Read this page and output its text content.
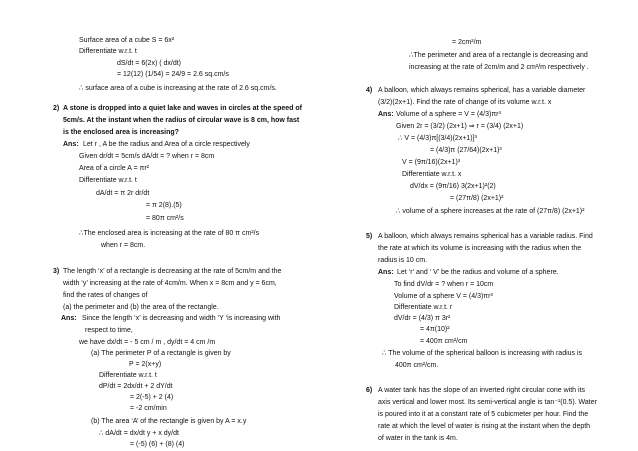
Surface area of a cube S = 6x²
Differentiate w.r.t. t
dS/dt = 6(2x) ( dx/dt)
= 12(12) (1/54) = 24/9 = 2.6 sq.cm/s
∴ surface area of a cube is increasing at the rate of 2.6 sq.cm/s.
2) A stone is dropped into a quiet lake and waves in circles at the speed of
5cm/s. At the instant when the radius of circular wave is 8 cm, how fast
is the enclosed area is increasing?
Ans: Let r , A be the radius and Area of a circle respectively
Given dr/dt = 5cm/s dA/dt = ? when r = 8cm
Area of a circle A = πr²
Differentiate w.r.t. t
dA/dt = π 2r dr/dt
= π 2(8).(5)
= 80π cm²/s
∴The enclosed area is increasing at the rate of 80 π cm²/s
when r = 8cm.
3) The length ‘x’ of a rectangle is decreasing at the rate of 5cm/m and the
width ‘y’ increasing at the rate of 4cm/m. When x = 8cm and y = 6cm,
find the rates of changes of
(a) the perimeter and (b) the area of the rectangle.
Ans: Since the length ‘x’ is decreasing and width ‘Y ‘is increasing with
respect to time,
we have dx/dt = - 5 cm / m , dy/dt = 4 cm /m
(a) The perimeter P of a rectangle is given by
P = 2(x+y)
Differentiate w.r.t. t
dP/dt = 2dx/dt + 2 dY/dt
= 2(-5) + 2 (4)
= -2 cm/min
(b) The area ‘A’ of the rectangle is given by A = x.y
∴ dA/dt = dx/dt y + x dy/dt
= (-5) (6) + (8) (4)
= 2cm²/m
∴The perimeter and area of a rectangle is decreasing and
increasing at the rate of 2cm/m and 2 cm²/m respectively .
4) A balloon, which always remains spherical, has a variable diameter
(3/2)(2x+1). Find the rate of change of its volume w.r.t. x
Ans: Volume of a sphere = V = (4/3)πr³
Given 2r = (3/2) (2x+1) ⇒ r = (3/4) (2x+1)
∴ V = (4/3)π[(3/4)(2x+1)]³
= (4/3)π (27/64)(2x+1)³
V = (9π/16)(2x+1)³
Differentiate w.r.t. x
dV/dx = (9π/16) 3(2x+1)²(2)
= (27π/8) (2x+1)²
∴ volume of a sphere increases at the rate of (27π/8) (2x+1)²
5) A balloon, which always remains spherical has a variable radius. Find
the rate at which its volume is increasing with the radius when the
radius is 10 cm.
Ans: Let ‘r’ and ‘ V’ be the radius and volume of a sphere.
To find dV/dr = ? when r = 10cm
Volume of a sphere V = (4/3)πr³
Differentiate w.r.t. r
dV/dr = (4/3) π 3r²
= 4π(10)²
= 400π cm²/cm
∴ The volume of the spherical balloon is increasing with radius is
400π cm²/cm.
6) A water tank has the slope of an inverted right circular cone with its
axis vertical and lower most. Its semi-vertical angle is tan⁻¹(0.5). Water
is poured into it at a constant rate of 5 cubicmeter per hour. Find the
rate at which the level of water is rising at the instant when the depth
of water in the tank is 4m.
